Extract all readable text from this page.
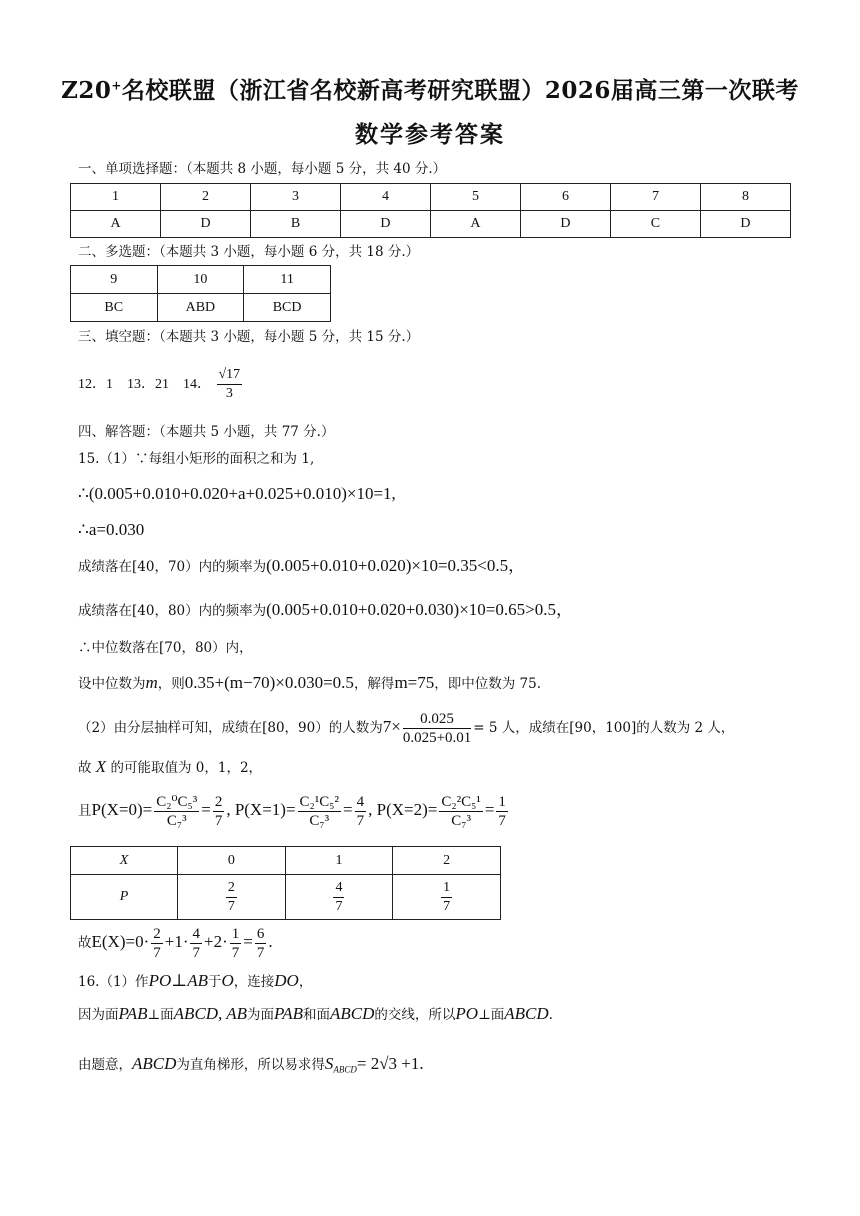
Z20+名校联盟（浙江省名校新高考研究联盟）2026届高三第一次联考
数学参考答案
一、单项选择题：（本题共 8 小题，每小题 5 分，共 40 分.）
1	2	3	4	5	6	7	8
A	D	B	D	A	D	C	D
二、多选题：（本题共 3 小题，每小题 6 分，共 18 分.）
9	10	11
BC	ABD	BCD
三、填空题：（本题共 3 小题，每小题 5 分，共 15 分.）
12．1 13．21 14． $\frac{√17}{3}$
四、解答题：（本题共 5 小题，共 77 分.）
15.（1）∵每组小矩形的面积之和为 1,
∴(0.005+0.010+0.020+a+0.025+0.010)×10=1,
∴a=0.030
成绩落在[40，70）内的频率为(0.005+0.010+0.020)×10=0.35<0.5，
成绩落在[40，80）内的频率为(0.005+0.010+0.020+0.030)×10=0.65>0.5，
∴中位数落在[70，80）内，
设中位数为m，则0.35+(m−70)×0.030=0.5，解得m=75，即中位数为 75.
（2）由分层抽样可知，成绩在[80，90）的人数为$7\times \frac{0.025}{0.025+0.01} = 5$ 人，成绩在[90，100]的人数为 2 人，
故 X 的可能取值为 0，1，2，
且$P(X=0)= \frac{\text{C₂⁰C₅³}}{\text{C₇³}} = \frac{2}{7}$ , $P(X=1)= \frac{\text{C₂¹C₅²}}{\text{C₇³}} = \frac{4}{7}$ , $P(X=2)= \frac{\text{C₂²C₅¹}}{\text{C₇³}} = \frac{1}{7}$
X	0	1	2
P	$\frac{2}{7}$	$\frac{4}{7}$	$\frac{1}{7}$
故$E(X)=0\cdot \frac{2}{7} +1\cdot \frac{4}{7} +2\cdot \frac{1}{7} = \frac{6}{7}$ .
16.（1）作PO⊥AB于O，连接DO，
因为面PAB⊥面ABCD, AB为面PAB和面ABCD的交线，所以PO⊥面ABCD.
由题意，ABCD为直角梯形，所以易求得$S_{ABCD}= 2√3 +1$.
